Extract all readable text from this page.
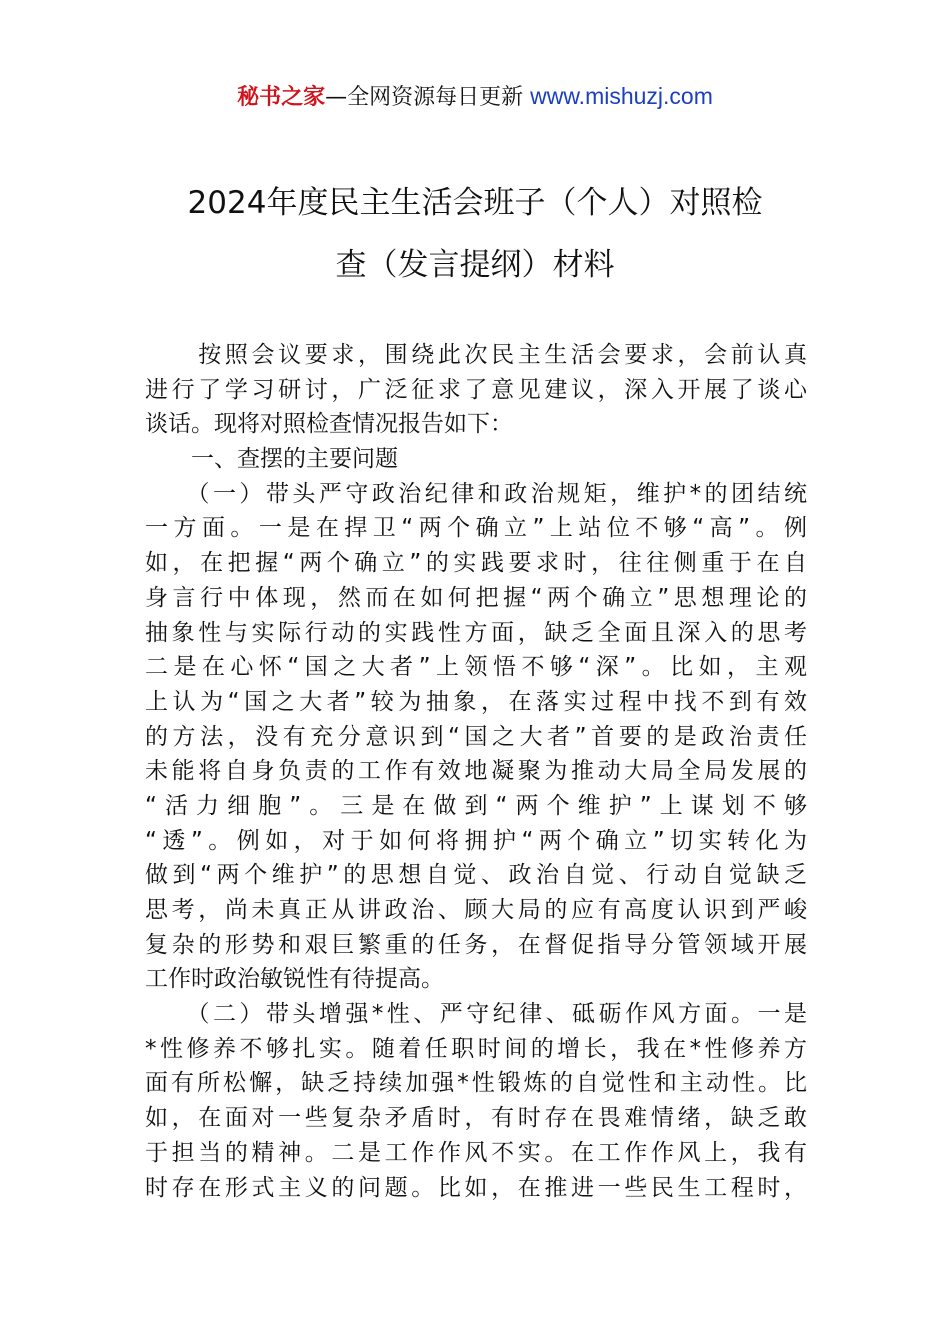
秘书之家—全网资源每日更新 www.mishuzj.com
2024年度民主生活会班子（个人）对照检
查（发言提纲）材料
　　按照会议要求，围绕此次民主生活会要求，会前认真
进行了学习研讨，广泛征求了意见建议，深入开展了谈心
谈话。现将对照检查情况报告如下：
　　一、查摆的主要问题
　　（一）带头严守政治纪律和政治规矩，维护*的团结统
一方面。一是在捍卫“两个确立”上站位不够“高”。例
如，在把握“两个确立”的实践要求时，往往侧重于在自
身言行中体现，然而在如何把握“两个确立”思想理论的
抽象性与实际行动的实践性方面，缺乏全面且深入的思考
二是在心怀“国之大者”上领悟不够“深”。比如，主观
上认为“国之大者”较为抽象，在落实过程中找不到有效
的方法，没有充分意识到“国之大者”首要的是政治责任
未能将自身负责的工作有效地凝聚为推动大局全局发展的
“活力细胞”。三是在做到“两个维护”上谋划不够
“透”。例如，对于如何将拥护“两个确立”切实转化为
做到“两个维护”的思想自觉、政治自觉、行动自觉缺乏
思考，尚未真正从讲政治、顾大局的应有高度认识到严峻
复杂的形势和艰巨繁重的任务，在督促指导分管领域开展
工作时政治敏锐性有待提高。
　　（二）带头增强*性、严守纪律、砥砺作风方面。一是
*性修养不够扎实。随着任职时间的增长，我在*性修养方
面有所松懈，缺乏持续加强*性锻炼的自觉性和主动性。比
如，在面对一些复杂矛盾时，有时存在畏难情绪，缺乏敢
于担当的精神。二是工作作风不实。在工作作风上，我有
时存在形式主义的问题。比如，在推进一些民生工程时，
